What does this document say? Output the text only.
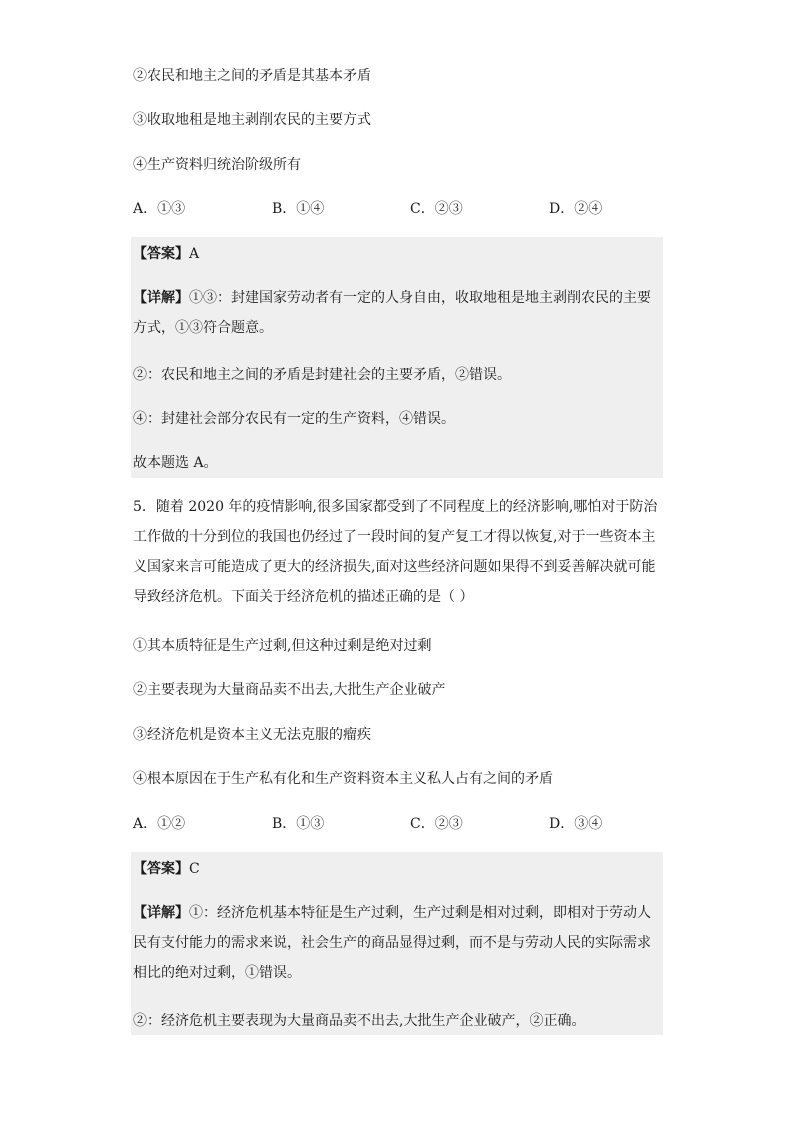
②农民和地主之间的矛盾是其基本矛盾
③收取地租是地主剥削农民的主要方式
④生产资料归统治阶级所有
A．①③	B．①④	C．②③	D．②④
【答案】A
【详解】①③：封建国家劳动者有一定的人身自由，收取地租是地主剥削农民的主要方式，①③符合题意。
②：农民和地主之间的矛盾是封建社会的主要矛盾，②错误。
④：封建社会部分农民有一定的生产资料，④错误。
故本题选 A。
5．随着 2020 年的疫情影响,很多国家都受到了不同程度上的经济影响,哪怕对于防治工作做的十分到位的我国也仍经过了一段时间的复产复工才得以恢复,对于一些资本主义国家来言可能造成了更大的经济损失,面对这些经济问题如果得不到妥善解决就可能导致经济危机。下面关于经济危机的描述正确的是（ ）
①其本质特征是生产过剩,但这种过剩是绝对过剩
②主要表现为大量商品卖不出去,大批生产企业破产
③经济危机是资本主义无法克服的瘤疾
④根本原因在于生产私有化和生产资料资本主义私人占有之间的矛盾
A．①②	B．①③	C．②③	D．③④
【答案】C
【详解】①：经济危机基本特征是生产过剩，生产过剩是相对过剩，即相对于劳动人民有支付能力的需求来说，社会生产的商品显得过剩，而不是与劳动人民的实际需求相比的绝对过剩，①错误。
②：经济危机主要表现为大量商品卖不出去,大批生产企业破产，②正确。
